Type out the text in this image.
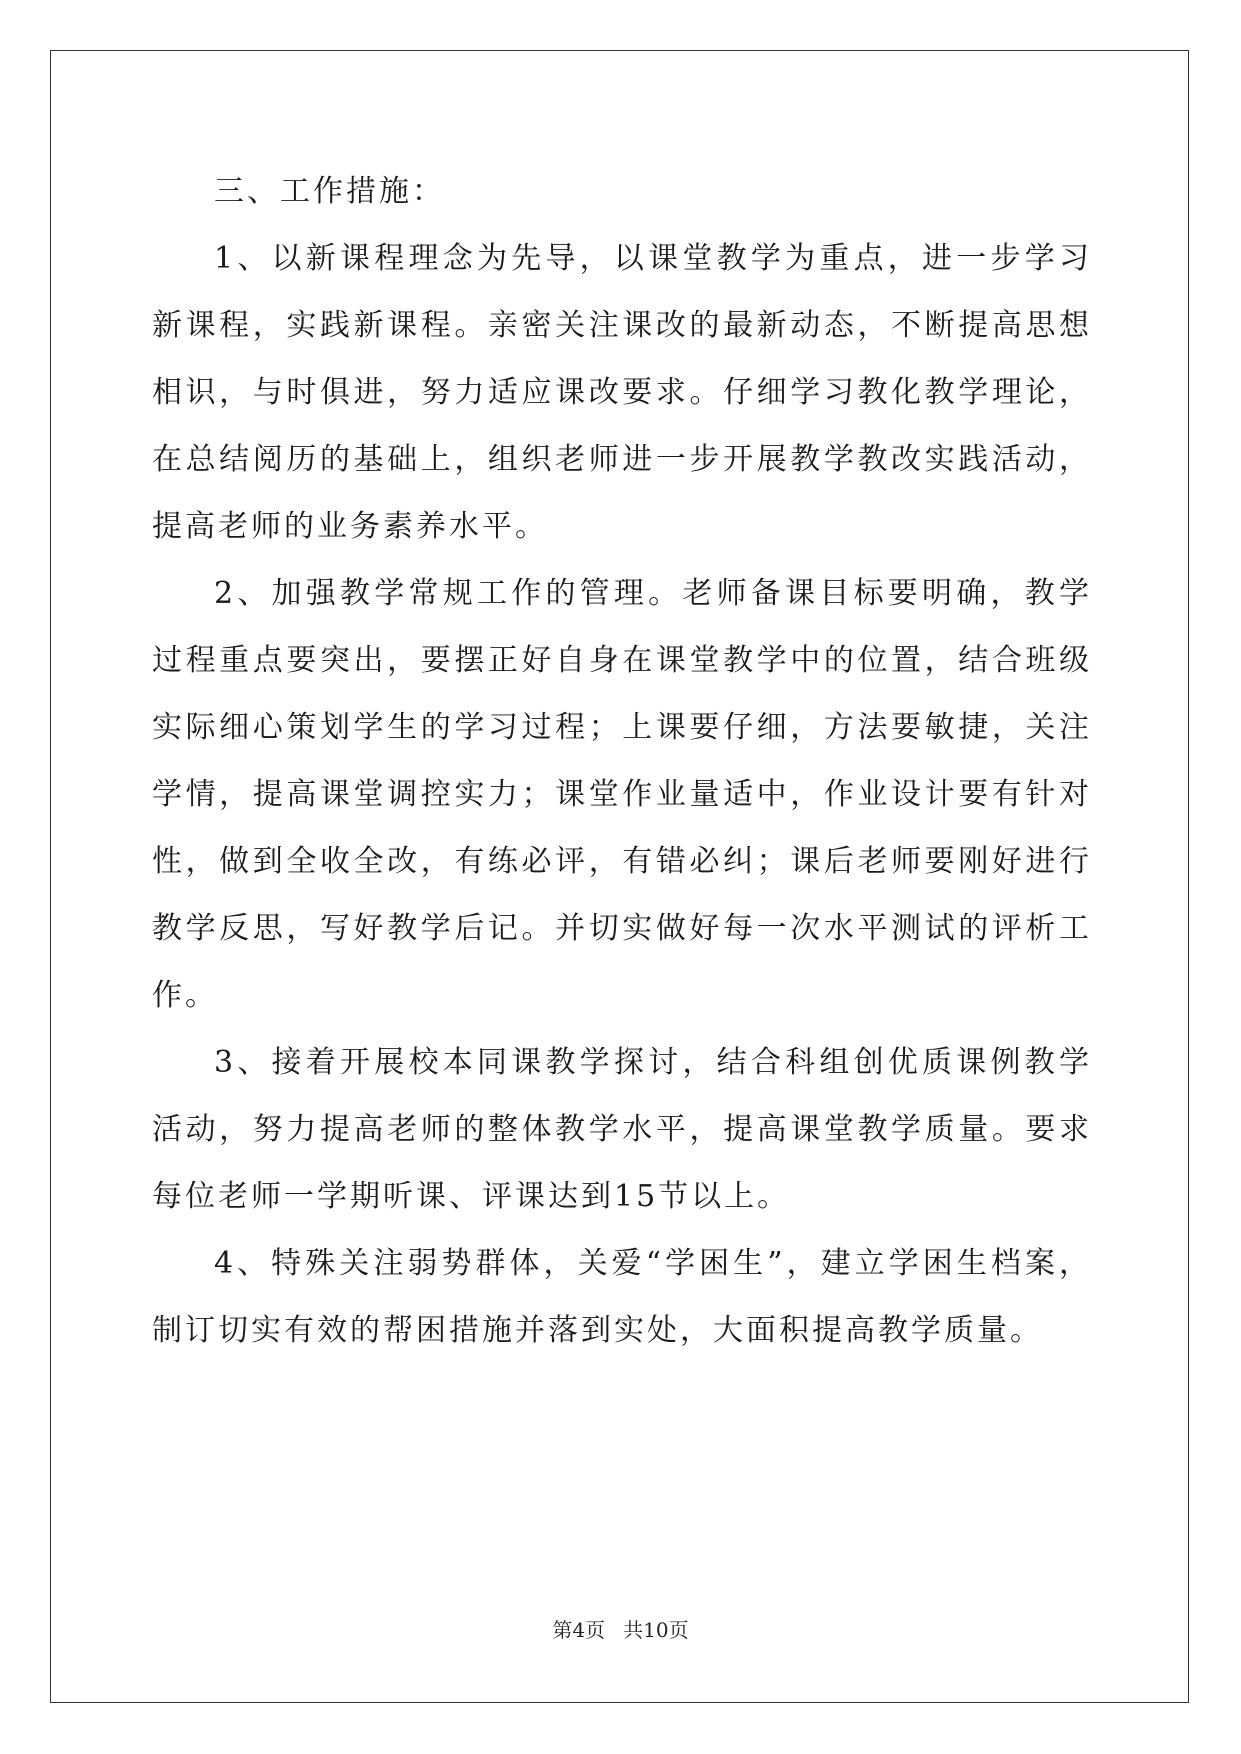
三、工作措施：

1、以新课程理念为先导，以课堂教学为重点，进一步学习新课程，实践新课程。亲密关注课改的最新动态，不断提高思想相识，与时俱进，努力适应课改要求。仔细学习教化教学理论，在总结阅历的基础上，组织老师进一步开展教学教改实践活动，提高老师的业务素养水平。

2、加强教学常规工作的管理。老师备课目标要明确，教学过程重点要突出，要摆正好自身在课堂教学中的位置，结合班级实际细心策划学生的学习过程；上课要仔细，方法要敏捷，关注学情，提高课堂调控实力；课堂作业量适中，作业设计要有针对性，做到全收全改，有练必评，有错必纠；课后老师要刚好进行教学反思，写好教学后记。并切实做好每一次水平测试的评析工作。

3、接着开展校本同课教学探讨，结合科组创优质课例教学活动，努力提高老师的整体教学水平，提高课堂教学质量。要求每位老师一学期听课、评课达到15节以上。

4、特殊关注弱势群体，关爱“学困生”，建立学困生档案，制订切实有效的帮困措施并落到实处，大面积提高教学质量。

第4页 共10页
